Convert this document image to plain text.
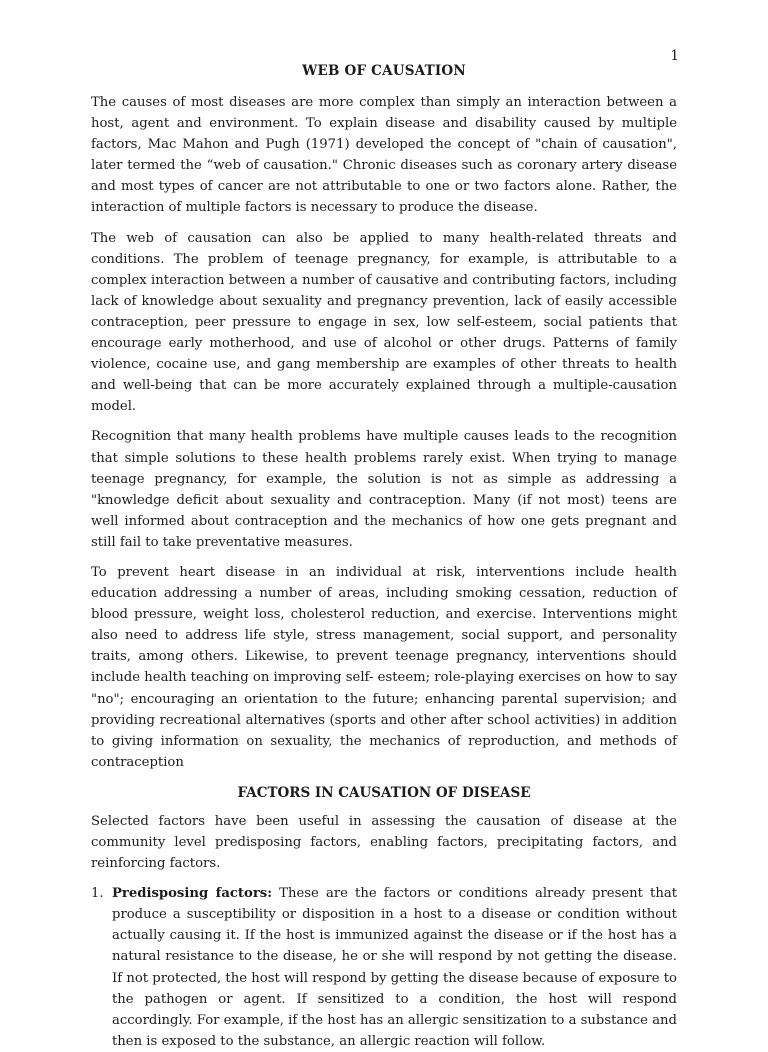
1
WEB OF CAUSATION

The causes of most diseases are more complex than simply an interaction between a host, agent and environment. To explain disease and disability caused by multiple factors, Mac Mahon and Pugh (1971) developed the concept of "chain of causation", later termed the “web of causation." Chronic diseases such as coronary artery disease and most types of cancer are not attributable to one or two factors alone. Rather, the interaction of multiple factors is necessary to produce the disease.

The web of causation can also be applied to many health-related threats and conditions. The problem of teenage pregnancy, for example, is attributable to a complex interaction between a number of causative and contributing factors, including lack of knowledge about sexuality and pregnancy prevention, lack of easily accessible contraception, peer pressure to engage in sex, low self-esteem, social patients that encourage early motherhood, and use of alcohol or other drugs. Patterns of family violence, cocaine use, and gang membership are examples of other threats to health and well-being that can be more accurately explained through a multiple-causation model.

Recognition that many health problems have multiple causes leads to the recognition that simple solutions to these health problems rarely exist. When trying to manage teenage pregnancy, for example, the solution is not as simple as addressing a "knowledge deficit about sexuality and contraception. Many (if not most) teens are well informed about contraception and the mechanics of how one gets pregnant and still fail to take preventative measures.

To prevent heart disease in an individual at risk, interventions include health education addressing a number of areas, including smoking cessation, reduction of blood pressure, weight loss, cholesterol reduction, and exercise. Interventions might also need to address life style, stress management, social support, and personality traits, among others. Likewise, to prevent teenage pregnancy, interventions should include health teaching on improving self- esteem; role-playing exercises on how to say "no"; encouraging an orientation to the future; enhancing parental supervision; and providing recreational alternatives (sports and other after school activities) in addition to giving information on sexuality, the mechanics of reproduction, and methods of contraception

FACTORS IN CAUSATION OF DISEASE

Selected factors have been useful in assessing the causation of disease at the community level predisposing factors, enabling factors, precipitating factors, and reinforcing factors.

1. Predisposing factors: These are the factors or conditions already present that produce a susceptibility or disposition in a host to a disease or condition without actually causing it. If the host is immunized against the disease or if the host has a natural resistance to the disease, he or she will respond by not getting the disease. If not protected, the host will respond by getting the disease because of exposure to the pathogen or agent. If sensitized to a condition, the host will respond accordingly. For example, if the host has an allergic sensitization to a substance and then is exposed to the substance, an allergic reaction will follow.
